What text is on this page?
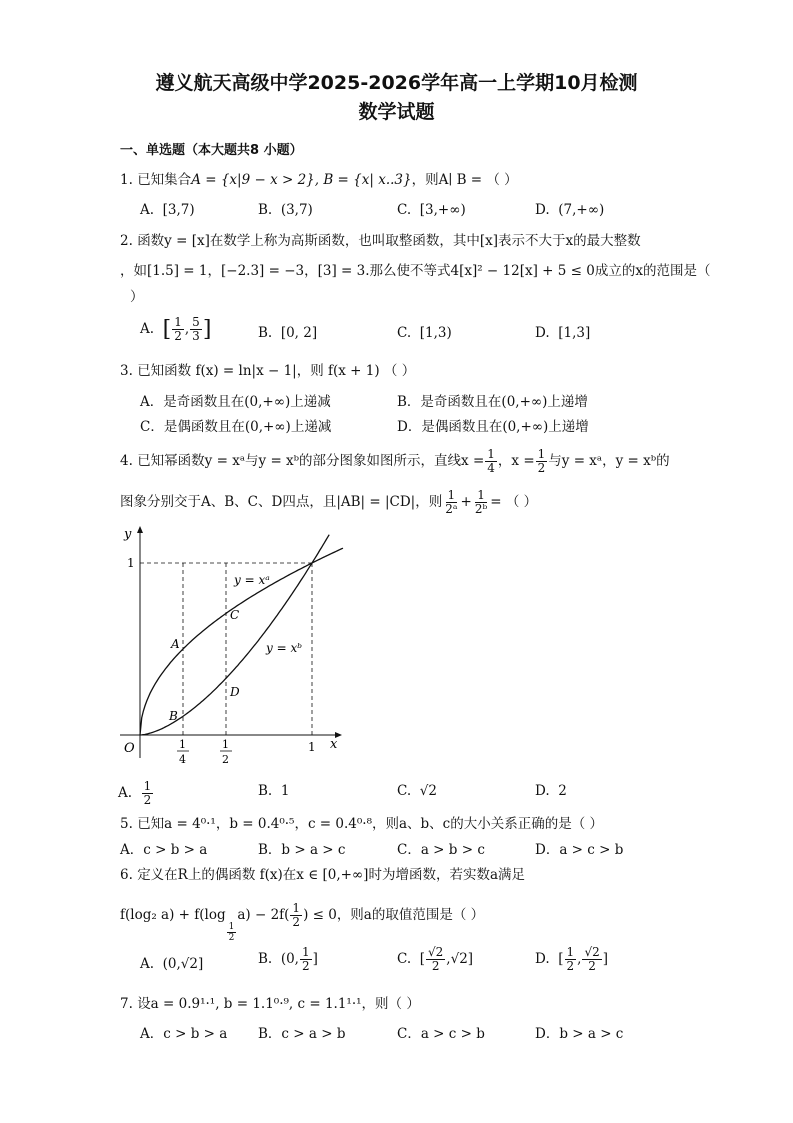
遵义航天高级中学2025-2026学年高一上学期10月检测
数学试题
一、单选题（本大题共8 小题）
1. 已知集合A = {x|9 − x > 2}, B = {x| x..3}，则A∣ B = （ ）
A. [3,7)	B. (3,7)	C. [3,+∞)	D. (7,+∞)
2. 函数y = [x]在数学上称为高斯函数，也叫取整函数，其中[x]表示不大于x的最大整数
，如[1.5] = 1，[−2.3] = −3，[3] = 3.那么使不等式4[x]² − 12[x] + 5 ≤ 0成立的x的范围是（
）
A. [ $\frac{1}{2}$ , $\frac{5}{3}$ ]	B. [0, 2]	C. [1,3)	D. [1,3]
3. 已知函数 f(x) = ln|x − 1|，则 f(x + 1) （ ）
A．是奇函数且在(0,+∞)上递减	B．是奇函数且在(0,+∞)上递增
C．是偶函数且在(0,+∞)上递减	D．是偶函数且在(0,+∞)上递增
4. 已知幂函数y = xᵃ与y = xᵇ的部分图象如图所示，直线$x = \frac{1}{4}$ ，$x = \frac{1}{2}$ 与y = xᵃ，y = xᵇ的
图象分别交于A、B、C、D四点，且|AB| = |CD|，则 $\frac{1}{\text{2ᵃ}} + \frac{1}{\text{2ᵇ}}$ = （ ）
y
x
O
1
1
1
4
1
2
y = xᵃ
y = xᵇ
A
B
C
D
A. $\frac{1}{2}$	B. 1	C. √2	D. 2
5. 已知a = 4⁰·¹，b = 0.4⁰·⁵，c = 0.4⁰·⁸，则a、b、c的大小关系正确的是（ ）
A．c > b > a	B．b > a > c	C．a > b > c	D．a > c > b
6. 定义在R上的偶函数 f(x)在x ∈ [0,+∞]时为增函数，若实数a满足
f(log₂ a) + f(log
$\frac{1}{2}$
$a) - 2f( \frac{1}{2}$ ) ≤ 0，则a的取值范围是（ ）
A. (0,√2]	B. (0, $\frac{1}{2}$ ]	C. [ $\frac{√2}{2} ,√2$]	D. [ $\frac{1}{2}$ , $\frac{√2}{2}$ ]
7. 设a = 0.9¹·¹, b = 1.1⁰·⁹, c = 1.1¹·¹，则（ ）
A．c > b > a B．c > a > b	C．a > c > b	D．b > a > c
